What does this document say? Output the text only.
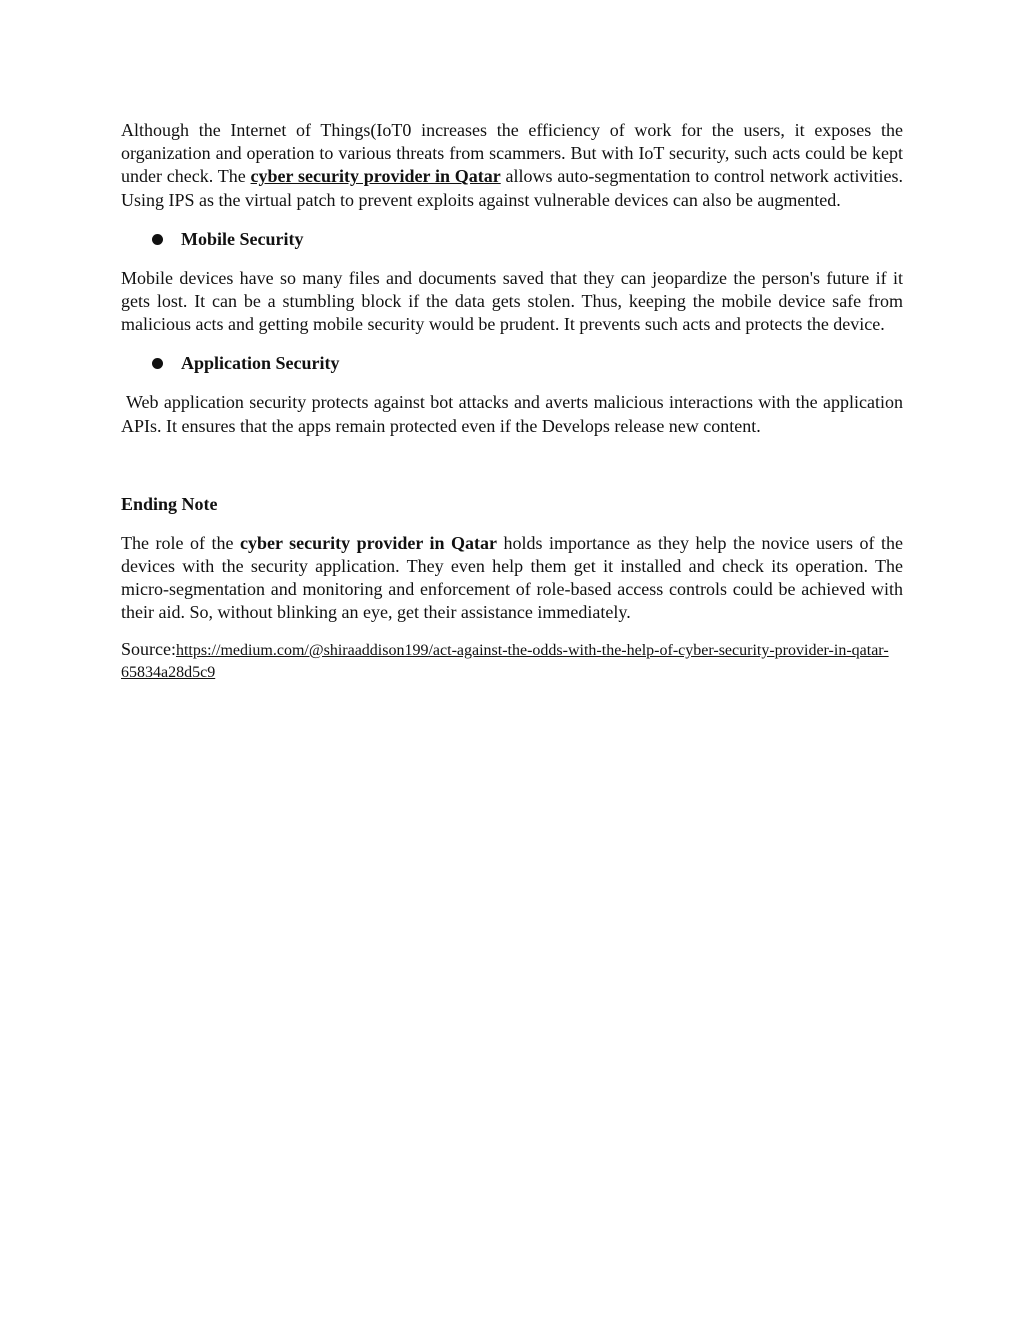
Although the Internet of Things(IoT0 increases the efficiency of work for the users, it exposes the organization and operation to various threats from scammers. But with IoT security, such acts could be kept under check. The cyber security provider in Qatar allows auto-segmentation to control network activities. Using IPS as the virtual patch to prevent exploits against vulnerable devices can also be augmented.

Mobile Security

Mobile devices have so many files and documents saved that they can jeopardize the person's future if it gets lost. It can be a stumbling block if the data gets stolen. Thus, keeping the mobile device safe from malicious acts and getting mobile security would be prudent. It prevents such acts and protects the device.

Application Security

Web application security protects against bot attacks and averts malicious interactions with the application APIs. It ensures that the apps remain protected even if the Develops release new content.

Ending Note

The role of the cyber security provider in Qatar holds importance as they help the novice users of the devices with the security application. They even help them get it installed and check its operation. The micro-segmentation and monitoring and enforcement of role-based access controls could be achieved with their aid. So, without blinking an eye, get their assistance immediately.

Source:https://medium.com/@shiraaddison199/act-against-the-odds-with-the-help-of-cyber-security-provider-in-qatar-65834a28d5c9
